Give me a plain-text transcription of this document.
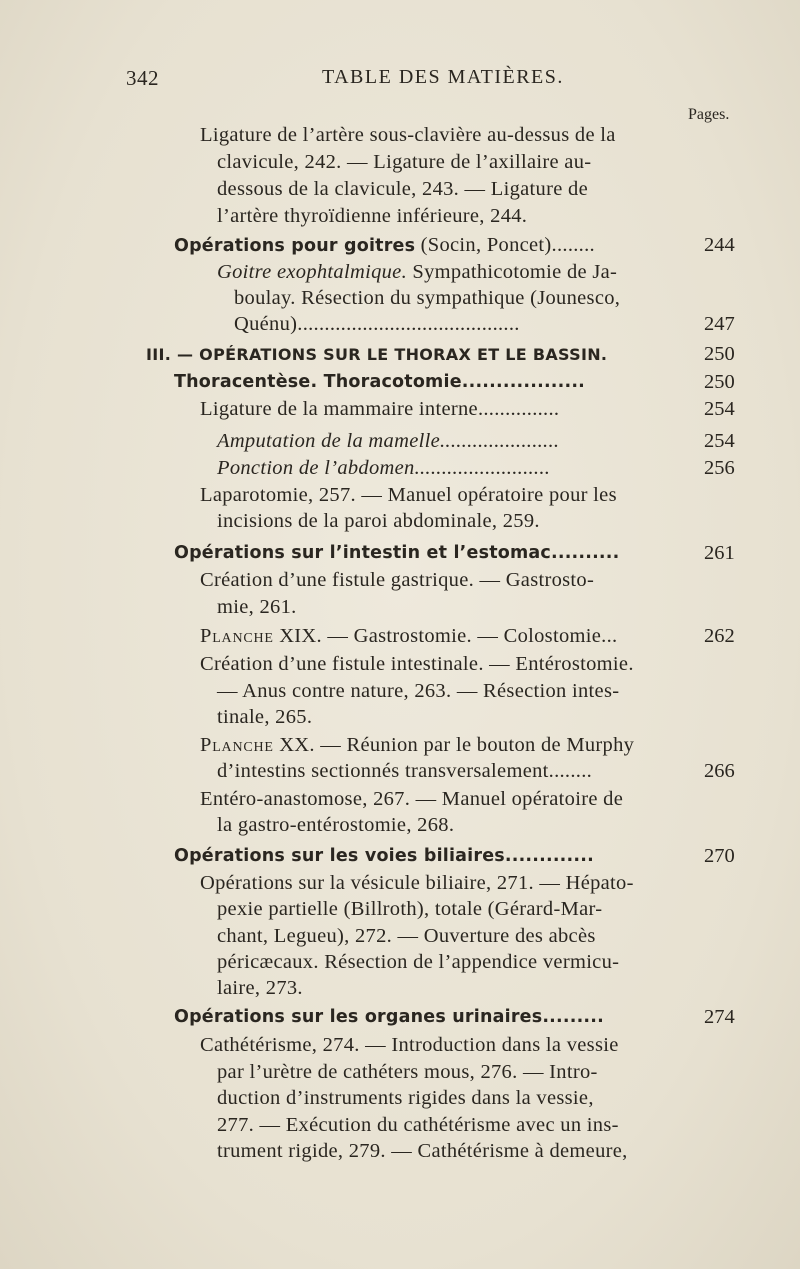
342	TABLE DES MATIÈRES.
Pages.
Ligature de l’artère sous-clavière au-dessus de la
clavicule, 242. — Ligature de l’axillaire au-
dessous de la clavicule, 243. — Ligature de
l’artère thyroïdienne inférieure, 244.
Opérations pour goitres (Socin, Poncet)........	244
Goitre exophtalmique. Sympathicotomie de Ja-
boulay. Résection du sympathique (Jounesco,
Quénu).........................................	247
III. — OPÉRATIONS SUR LE THORAX ET LE BASSIN.	250
Thoracentèse. Thoracotomie..................	250
Ligature de la mammaire interne...............	254
Amputation de la mamelle......................	254
Ponction de l’abdomen.........................	256
Laparotomie, 257. — Manuel opératoire pour les
incisions de la paroi abdominale, 259.
Opérations sur l’intestin et l’estomac..........	261
Création d’une fistule gastrique. — Gastrosto-
mie, 261.
Planche XIX. — Gastrostomie. — Colostomie...	262
Création d’une fistule intestinale. — Entérostomie.
— Anus contre nature, 263. — Résection intes-
tinale, 265.
Planche XX. — Réunion par le bouton de Murphy
d’intestins sectionnés transversalement........	266
Entéro-anastomose, 267. — Manuel opératoire de
la gastro-entérostomie, 268.
Opérations sur les voies biliaires.............	270
Opérations sur la vésicule biliaire, 271. — Hépato-
pexie partielle (Billroth), totale (Gérard-Mar-
chant, Legueu), 272. — Ouverture des abcès
péricæcaux. Résection de l’appendice vermicu-
laire, 273.
Opérations sur les organes urinaires.........	274
Cathétérisme, 274. — Introduction dans la vessie
par l’urètre de cathéters mous, 276. — Intro-
duction d’instruments rigides dans la vessie,
277. — Exécution du cathétérisme avec un ins-
trument rigide, 279. — Cathétérisme à demeure,
